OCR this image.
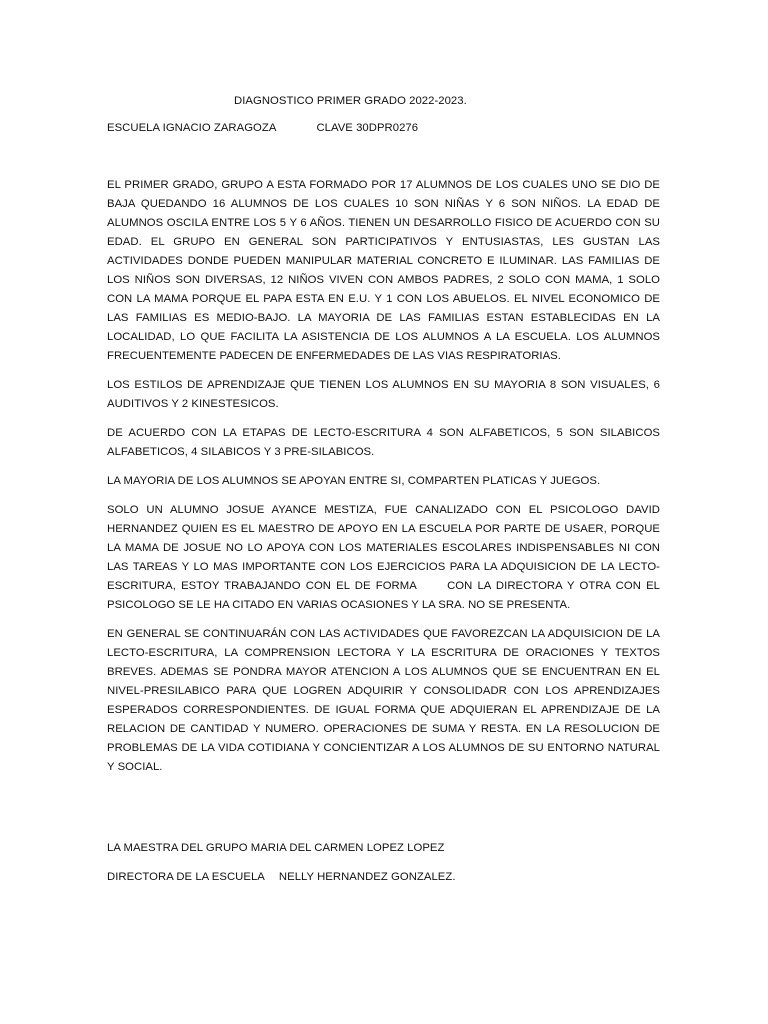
DIAGNOSTICO PRIMER GRADO 2022-2023.
ESCUELA IGNACIO ZARAGOZA	CLAVE 30DPR0276

EL PRIMER GRADO, GRUPO A ESTA FORMADO POR 17 ALUMNOS DE LOS CUALES UNO SE DIO DE BAJA QUEDANDO 16 ALUMNOS DE LOS CUALES 10 SON NIÑAS Y 6 SON NIÑOS. LA EDAD DE ALUMNOS OSCILA ENTRE LOS 5 Y 6 AÑOS. TIENEN UN DESARROLLO FISICO DE ACUERDO CON SU EDAD. EL GRUPO EN GENERAL SON PARTICIPATIVOS Y ENTUSIASTAS, LES GUSTAN LAS ACTIVIDADES DONDE PUEDEN MANIPULAR MATERIAL CONCRETO E ILUMINAR. LAS FAMILIAS DE LOS NIÑOS SON DIVERSAS, 12 NIÑOS VIVEN CON AMBOS PADRES, 2 SOLO CON MAMA, 1 SOLO CON LA MAMA PORQUE EL PAPA ESTA EN E.U. Y 1 CON LOS ABUELOS. EL NIVEL ECONOMICO DE LAS FAMILIAS ES MEDIO-BAJO. LA MAYORIA DE LAS FAMILIAS ESTAN ESTABLECIDAS EN LA LOCALIDAD, LO QUE FACILITA LA ASISTENCIA DE LOS ALUMNOS A LA ESCUELA. LOS ALUMNOS FRECUENTEMENTE PADECEN DE ENFERMEDADES DE LAS VIAS RESPIRATORIAS.

LOS ESTILOS DE APRENDIZAJE QUE TIENEN LOS ALUMNOS EN SU MAYORIA 8 SON VISUALES, 6 AUDITIVOS Y 2 KINESTESICOS.

DE ACUERDO CON LA ETAPAS DE LECTO-ESCRITURA 4 SON ALFABETICOS, 5 SON SILABICOS ALFABETICOS, 4 SILABICOS Y 3 PRE-SILABICOS.

LA MAYORIA DE LOS ALUMNOS SE APOYAN ENTRE SI, COMPARTEN PLATICAS Y JUEGOS.

SOLO UN ALUMNO JOSUE AYANCE MESTIZA, FUE CANALIZADO CON EL PSICOLOGO DAVID HERNANDEZ QUIEN ES EL MAESTRO DE APOYO EN LA ESCUELA POR PARTE DE USAER, PORQUE LA MAMA DE JOSUE NO LO APOYA CON LOS MATERIALES ESCOLARES INDISPENSABLES NI CON LAS TAREAS Y LO MAS IMPORTANTE CON LOS EJERCICIOS PARA LA ADQUISICION DE LA LECTO-ESCRITURA, ESTOY TRABAJANDO CON EL DE FORMA      CON LA DIRECTORA Y OTRA CON EL PSICOLOGO SE LE HA CITADO EN VARIAS OCASIONES Y LA SRA. NO SE PRESENTA.

EN GENERAL SE CONTINUARÁN CON LAS ACTIVIDADES QUE FAVOREZCAN LA ADQUISICION DE LA LECTO-ESCRITURA, LA COMPRENSION LECTORA Y LA ESCRITURA DE ORACIONES Y TEXTOS BREVES. ADEMAS SE PONDRA MAYOR ATENCION A LOS ALUMNOS QUE SE ENCUENTRAN EN EL NIVEL-PRESILABICO PARA QUE LOGREN ADQUIRIR Y CONSOLIDADR CON LOS APRENDIZAJES ESPERADOS CORRESPONDIENTES. DE IGUAL FORMA QUE ADQUIERAN EL APRENDIZAJE DE LA RELACION DE CANTIDAD Y NUMERO. OPERACIONES DE SUMA Y RESTA. EN LA RESOLUCION DE PROBLEMAS DE LA VIDA COTIDIANA Y CONCIENTIZAR A LOS ALUMNOS DE SU ENTORNO NATURAL Y SOCIAL.

LA MAESTRA DEL GRUPO MARIA DEL CARMEN LOPEZ LOPEZ
DIRECTORA DE LA ESCUELA NELLY HERNANDEZ GONZALEZ.
